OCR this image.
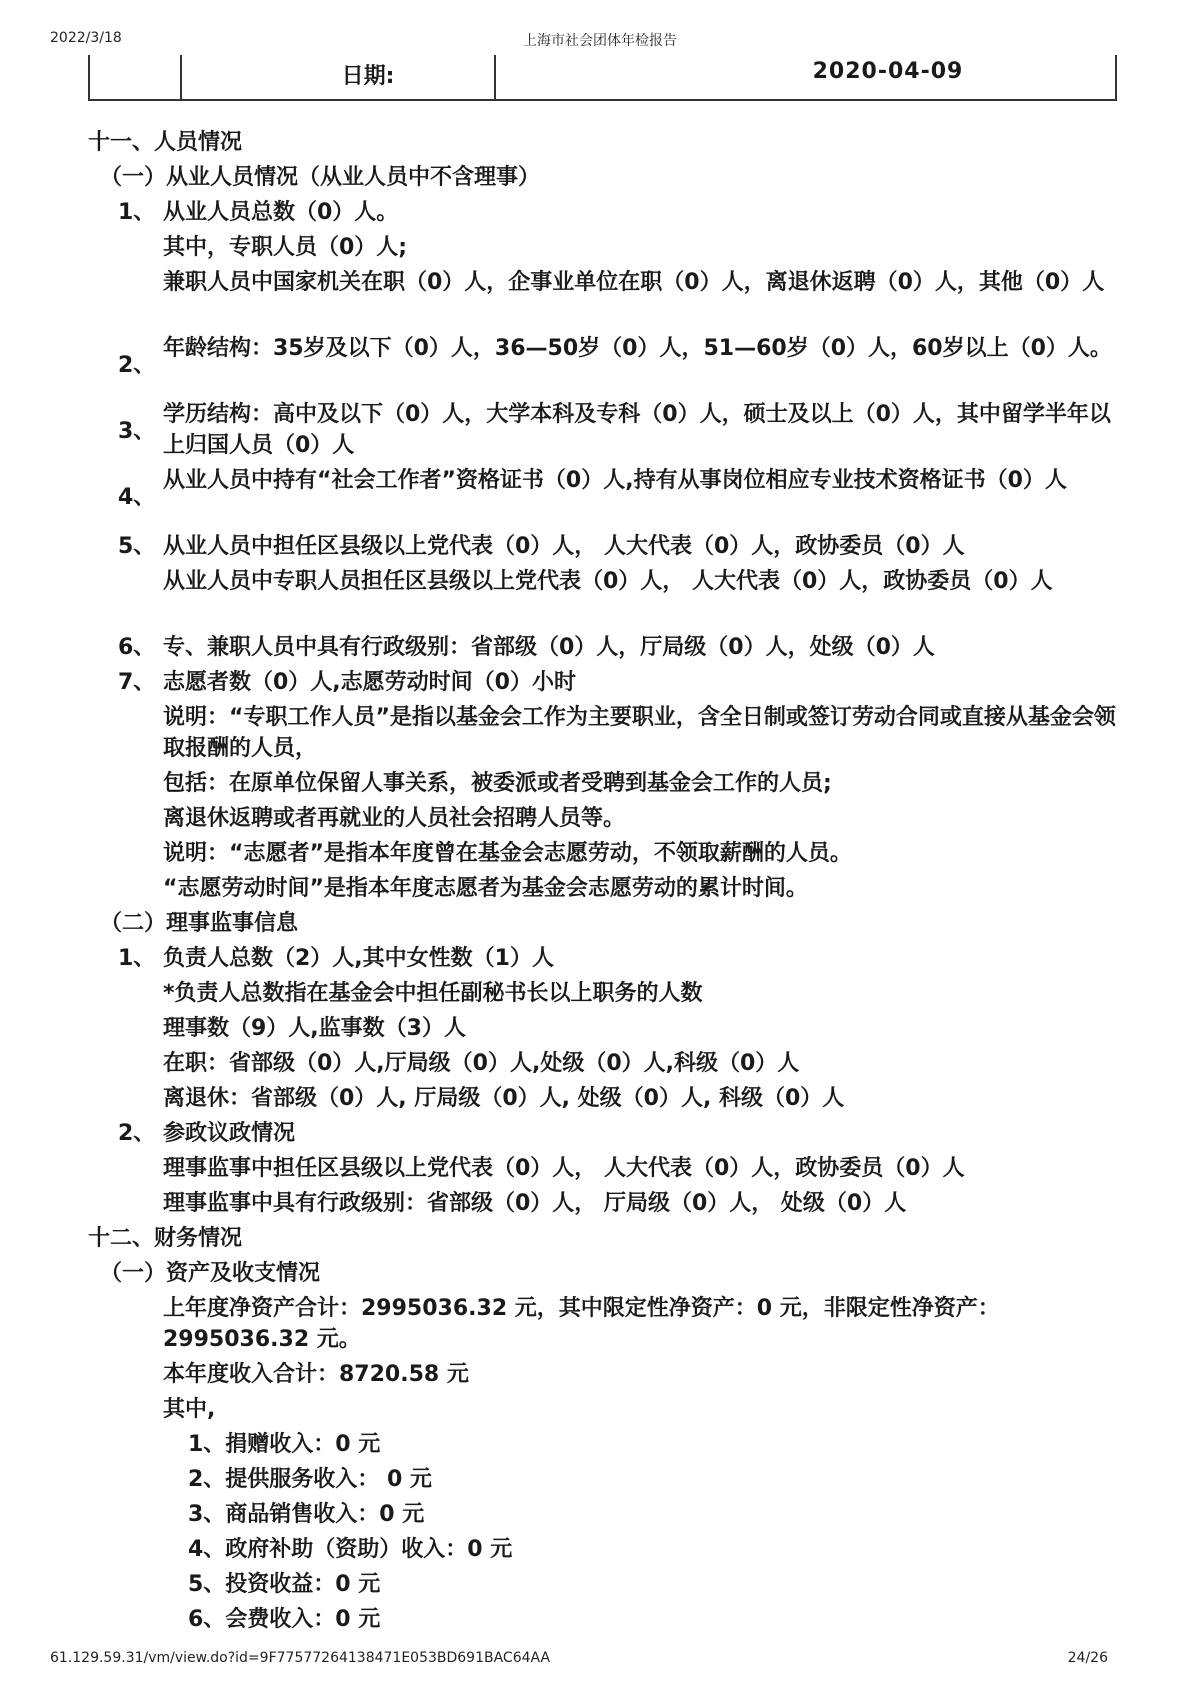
2022/3/18	上海市社会团体年检报告
日期:	2020-04-09
十一、人员情况
（一）从业人员情况（从业人员中不含理事）
1、 从业人员总数（0）人。
其中，专职人员（0）人;
兼职人员中国家机关在职（0）人，企事业单位在职（0）人，离退休返聘（0）人，其他（0）人
2、
年龄结构：35岁及以下（0）人，36—50岁（0）人，51—60岁（0）人，60岁以上（0）人。
3、
学历结构：高中及以下（0）人，大学本科及专科（0）人，硕士及以上（0）人，其中留学半年以上归国人员（0）人
4、
从业人员中持有“社会工作者”资格证书（0）人,持有从事岗位相应专业技术资格证书（0）人
5、 从业人员中担任区县级以上党代表（0）人， 人大代表（0）人，政协委员（0）人
从业人员中专职人员担任区县级以上党代表（0）人， 人大代表（0）人，政协委员（0）人
6、 专、兼职人员中具有行政级别：省部级（0）人，厅局级（0）人，处级（0）人
7、 志愿者数（0）人,志愿劳动时间（0）小时
说明：“专职工作人员”是指以基金会工作为主要职业，含全日制或签订劳动合同或直接从基金会领取报酬的人员，
包括：在原单位保留人事关系，被委派或者受聘到基金会工作的人员;
离退休返聘或者再就业的人员社会招聘人员等。
说明：“志愿者”是指本年度曾在基金会志愿劳动，不领取薪酬的人员。
“志愿劳动时间”是指本年度志愿者为基金会志愿劳动的累计时间。
（二）理事监事信息
1、 负责人总数（2）人,其中女性数（1）人
*负责人总数指在基金会中担任副秘书长以上职务的人数
理事数（9）人,监事数（3）人
在职：省部级（0）人,厅局级（0）人,处级（0）人,科级（0）人
离退休：省部级（0）人, 厅局级（0）人, 处级（0）人, 科级（0）人
2、 参政议政情况
理事监事中担任区县级以上党代表（0）人， 人大代表（0）人，政协委员（0）人
理事监事中具有行政级别：省部级（0）人， 厅局级（0）人， 处级（0）人
十二、财务情况
（一）资产及收支情况
上年度净资产合计：2995036.32 元，其中限定性净资产：0 元，非限定性净资产：2995036.32 元。
本年度收入合计：8720.58 元
其中,
1、捐赠收入：0 元
2、提供服务收入： 0 元
3、商品销售收入：0 元
4、政府补助（资助）收入：0 元
5、投资收益：0 元
6、会费收入：0 元
61.129.59.31/vm/view.do?id=9F77577264138471E053BD691BAC64AA	24/26
